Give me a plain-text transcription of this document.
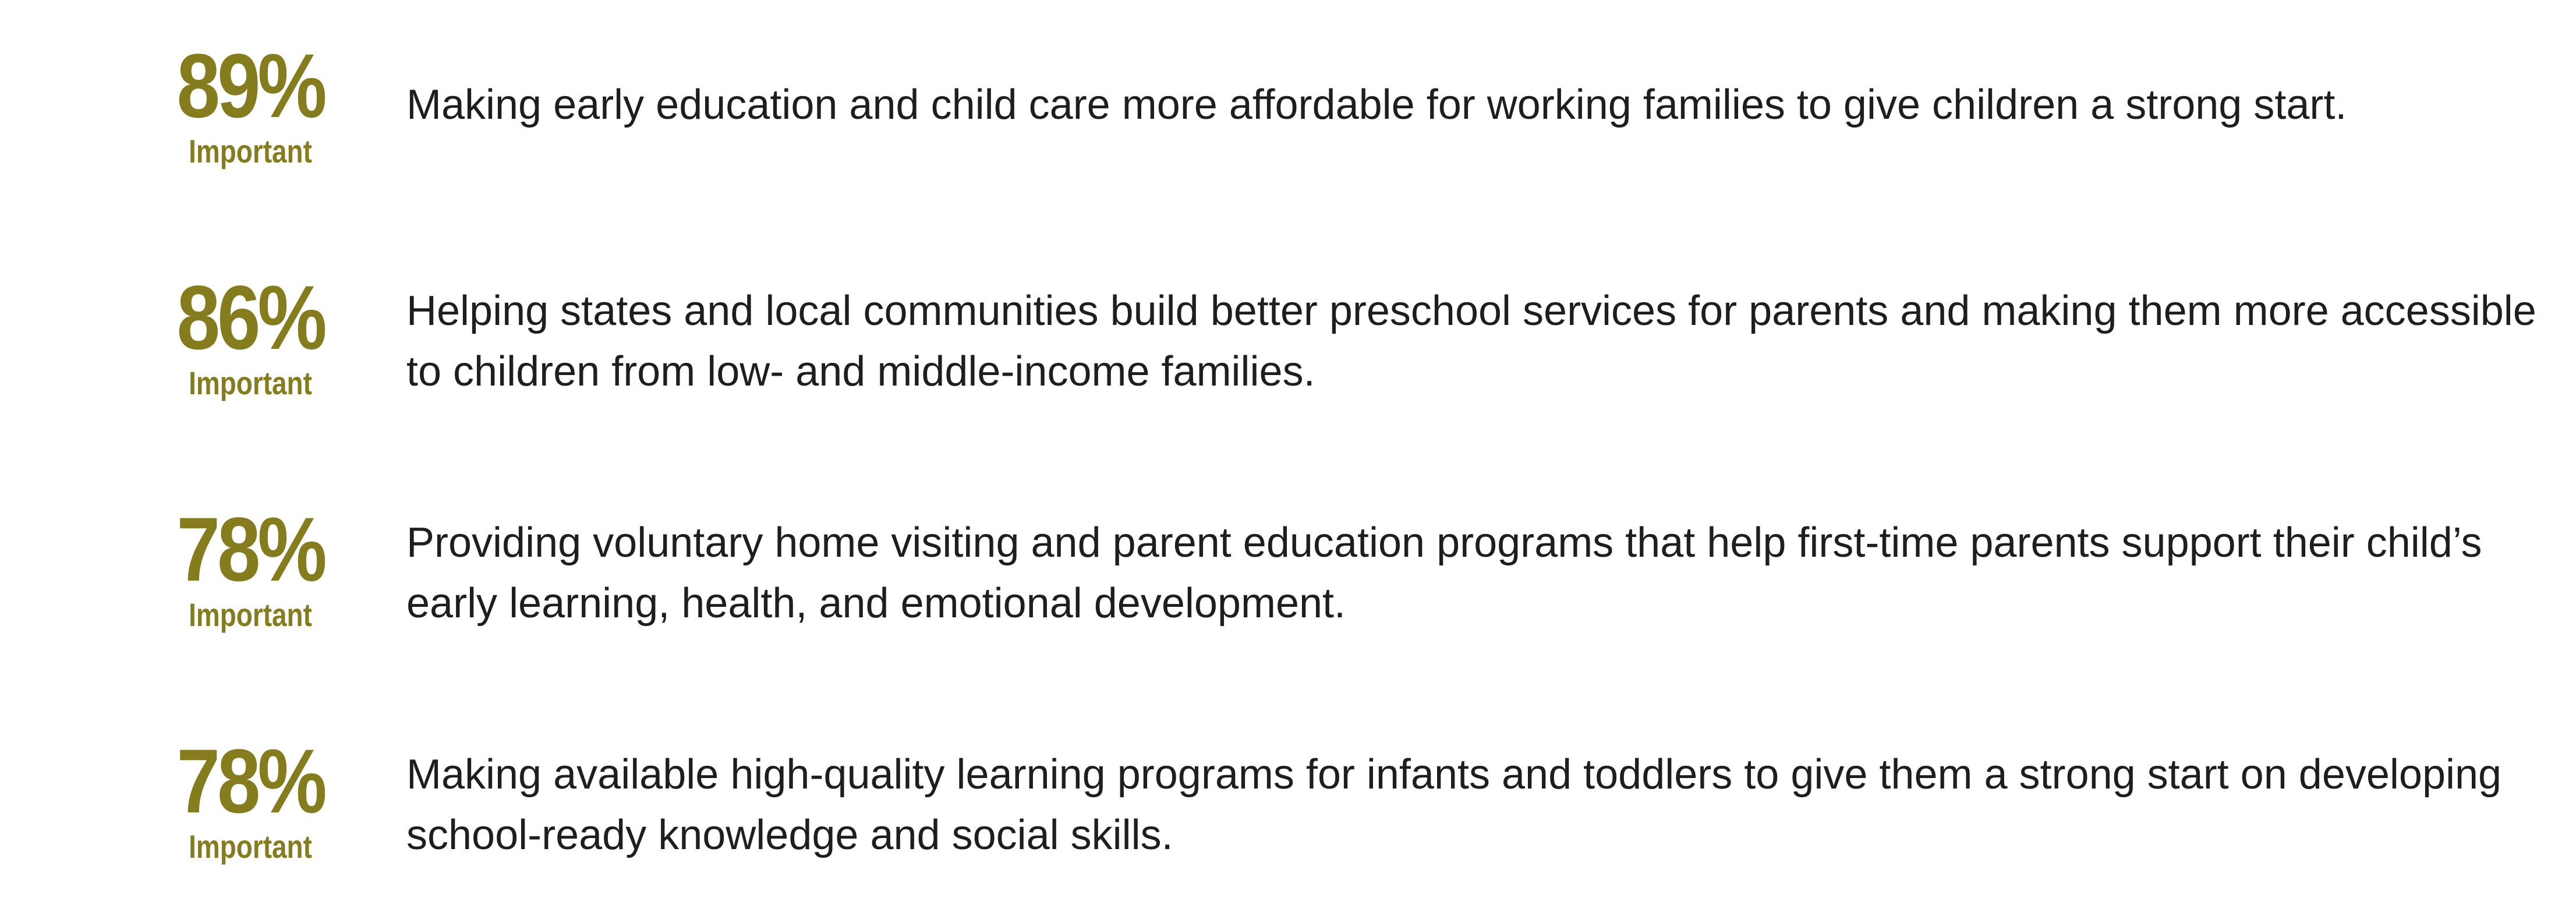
89%
Important

Making early education and child care more affordable for working families to give children a strong start.

86%
Important

Helping states and local communities build better preschool services for parents and making them more accessible to children from low- and middle-income families.

78%
Important

Providing voluntary home visiting and parent education programs that help first-time parents support their child’s early learning, health, and emotional development.

78%
Important

Making available high-quality learning programs for infants and toddlers to give them a strong start on developing school-ready knowledge and social skills.
